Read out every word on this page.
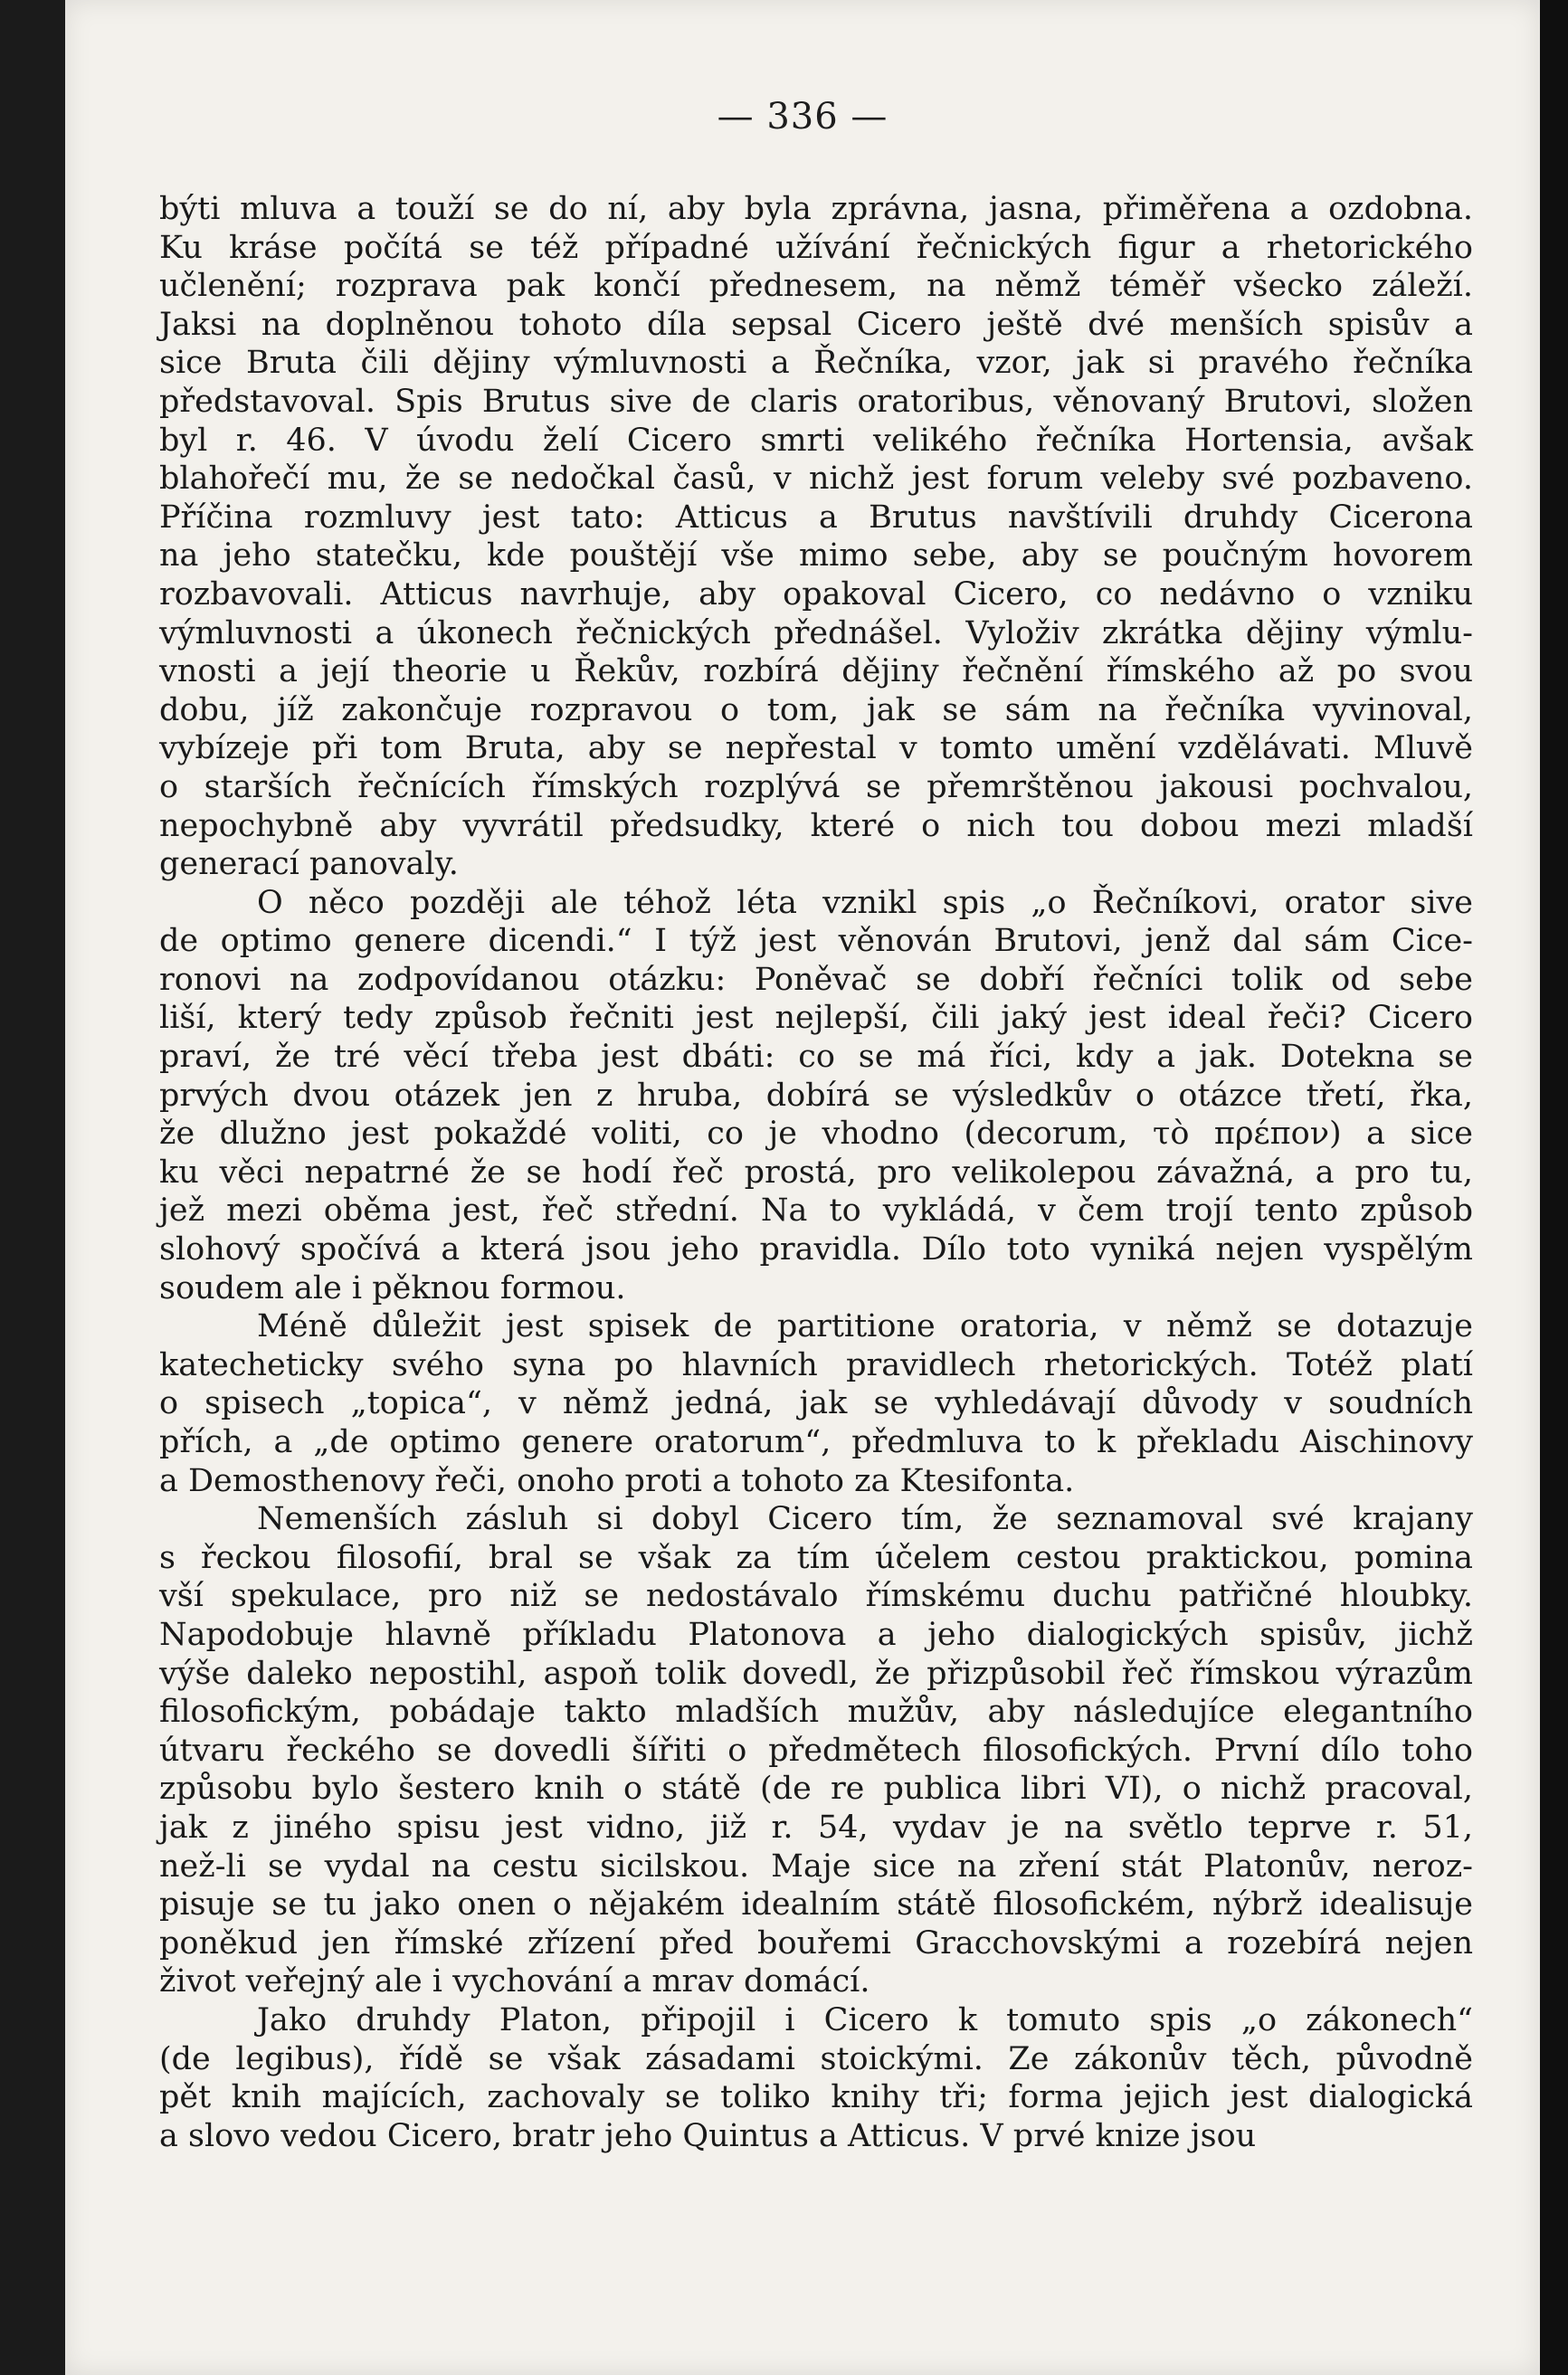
— 336 —
býti mluva a touží se do ní, aby byla zprávna, jasna, přiměřena a ozdobna.
Ku kráse počítá se též případné užívání řečnických figur a rhetorického
učlenění; rozprava pak končí přednesem, na němž téměř všecko záleží.
Jaksi na doplněnou tohoto díla sepsal Cicero ještě dvé menších spisův a
sice Bruta čili dějiny výmluvnosti a Řečníka, vzor, jak si pravého řečníka
představoval. Spis Brutus sive de claris oratoribus, věnovaný Brutovi, složen
byl r. 46. V úvodu želí Cicero smrti velikého řečníka Hortensia, avšak
blahořečí mu, že se nedočkal časů, v nichž jest forum veleby své pozbaveno.
Příčina rozmluvy jest tato: Atticus a Brutus navštívili druhdy Cicerona
na jeho statečku, kde pouštějí vše mimo sebe, aby se poučným hovorem
rozbavovali. Atticus navrhuje, aby opakoval Cicero, co nedávno o vzniku
výmluvnosti a úkonech řečnických přednášel. Vyloživ zkrátka dějiny výmlu-
vnosti a její theorie u Řekův, rozbírá dějiny řečnění římského až po svou
dobu, jíž zakončuje rozpravou o tom, jak se sám na řečníka vyvinoval,
vybízeje při tom Bruta, aby se nepřestal v tomto umění vzdělávati. Mluvě
o starších řečnících římských rozplývá se přemrštěnou jakousi pochvalou,
nepochybně aby vyvrátil předsudky, které o nich tou dobou mezi mladší
generací panovaly.
O něco později ale téhož léta vznikl spis „o Řečníkovi, orator sive
de optimo genere dicendi.“ I týž jest věnován Brutovi, jenž dal sám Cice-
ronovi na zodpovídanou otázku: Poněvač se dobří řečníci tolik od sebe
liší, který tedy způsob řečniti jest nejlepší, čili jaký jest ideal řeči? Cicero
praví, že tré věcí třeba jest dbáti: co se má říci, kdy a jak. Dotekna se
prvých dvou otázek jen z hruba, dobírá se výsledkův o otázce třetí, řka,
že dlužno jest pokaždé voliti, co je vhodno (decorum, τὸ πρέπον) a sice
ku věci nepatrné že se hodí řeč prostá, pro velikolepou závažná, a pro tu,
jež mezi oběma jest, řeč střední. Na to vykládá, v čem trojí tento způsob
slohový spočívá a která jsou jeho pravidla. Dílo toto vyniká nejen vyspělým
soudem ale i pěknou formou.
Méně důležit jest spisek de partitione oratoria, v němž se dotazuje
katecheticky svého syna po hlavních pravidlech rhetorických. Totéž platí
o spisech „topica“, v němž jedná, jak se vyhledávají důvody v soudních
přích, a „de optimo genere oratorum“, předmluva to k překladu Aischinovy
a Demosthenovy řeči, onoho proti a tohoto za Ktesifonta.
Nemenších zásluh si dobyl Cicero tím, že seznamoval své krajany
s řeckou filosofií, bral se však za tím účelem cestou praktickou, pomina
vší spekulace, pro niž se nedostávalo římskému duchu patřičné hloubky.
Napodobuje hlavně příkladu Platonova a jeho dialogických spisův, jichž
výše daleko nepostihl, aspoň tolik dovedl, že přizpůsobil řeč římskou výrazům
filosofickým, pobádaje takto mladších mužův, aby následujíce elegantního
útvaru řeckého se dovedli šířiti o předmětech filosofických. První dílo toho
způsobu bylo šestero knih o státě (de re publica libri VI), o nichž pracoval,
jak z jiného spisu jest vidno, již r. 54, vydav je na světlo teprve r. 51,
než-li se vydal na cestu sicilskou. Maje sice na zření stát Platonův, neroz-
pisuje se tu jako onen o nějakém idealním státě filosofickém, nýbrž idealisuje
poněkud jen římské zřízení před bouřemi Gracchovskými a rozebírá nejen
život veřejný ale i vychování a mrav domácí.
Jako druhdy Platon, připojil i Cicero k tomuto spis „o zákonech“
(de legibus), řídě se však zásadami stoickými. Ze zákonův těch, původně
pět knih majících, zachovaly se toliko knihy tři; forma jejich jest dialogická
a slovo vedou Cicero, bratr jeho Quintus a Atticus. V prvé knize jsou
